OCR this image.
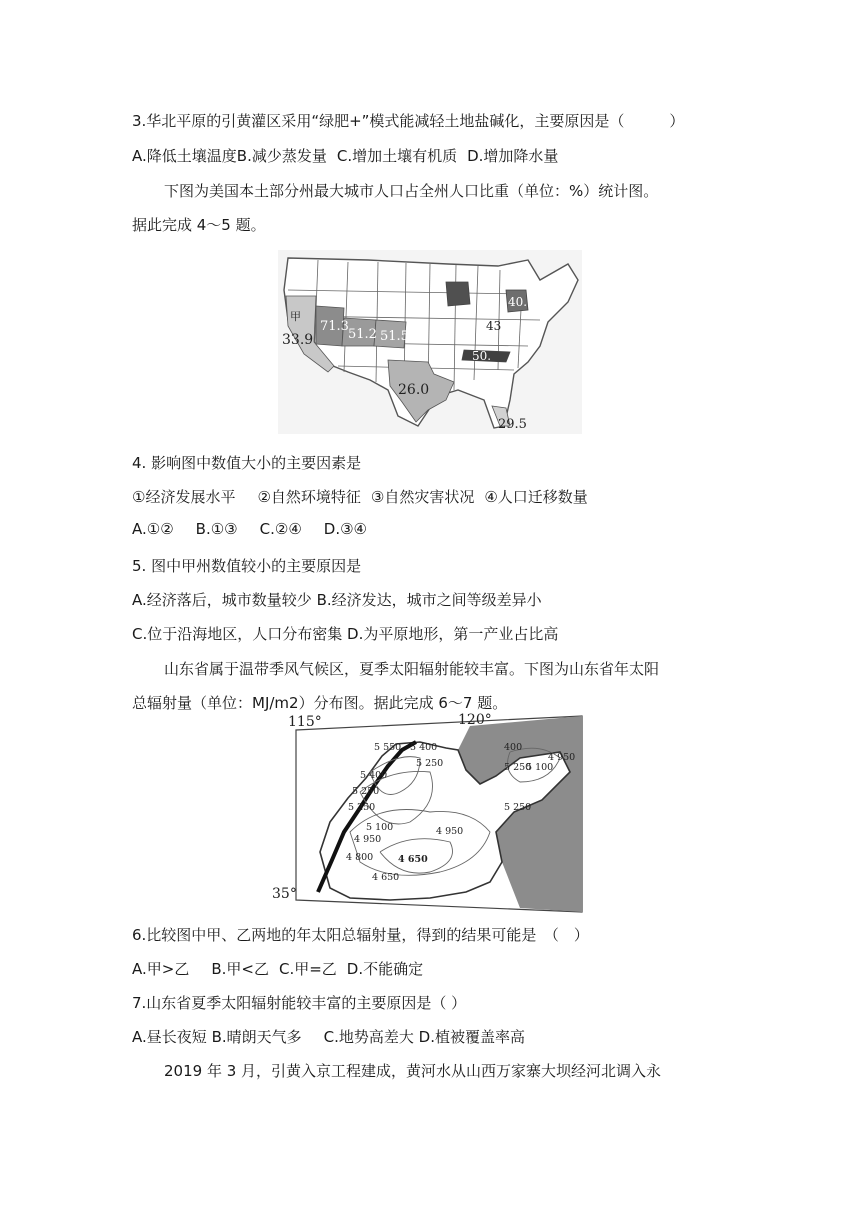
3.华北平原的引黄灌区采用“绿肥+”模式能减轻土地盐碱化，主要原因是（　　　）
A.降低土壤温度B.减少蒸发量 C.增加土壤有机质 D.增加降水量
下图为美国本土部分州最大城市人口占全州人口比重（单位：%）统计图。
据此完成 4～5 题。
甲
71.3
51.2 51.5
33.9
26.0
29.5
43
50.
40.1
4. 影响图中数值大小的主要因素是
①经济发展水平 ②自然环境特征 ③自然灾害状况 ④人口迁移数量
A.①② B.①③ C.②④ D.③④
5. 图中甲州数值较小的主要原因是
A.经济落后，城市数量较少 B.经济发达，城市之间等级差异小
C.位于沿海地区，人口分布密集 D.为平原地形，第一产业占比高
山东省属于温带季风气候区，夏季太阳辐射能较丰富。下图为山东省年太阳
总辐射量（单位：MJ/m2）分布图。据此完成 6～7 题。
115°	120°
35°
5 550 5 400
5 250
5 400
5 250
5 250
5 100
4 950
4 950
4 800	4 650
4 650
5 100
4 950
5 250
5 250
400
6.比较图中甲、乙两地的年太阳总辐射量，得到的结果可能是　（　）
A.甲>乙 B.甲<乙 C.甲=乙 D.不能确定
7.山东省夏季太阳辐射能较丰富的主要原因是（ ）
A.昼长夜短 B.晴朗天气多 C.地势高差大 D.植被覆盖率高
2019 年 3 月，引黄入京工程建成，黄河水从山西万家寨大坝经河北调入永
